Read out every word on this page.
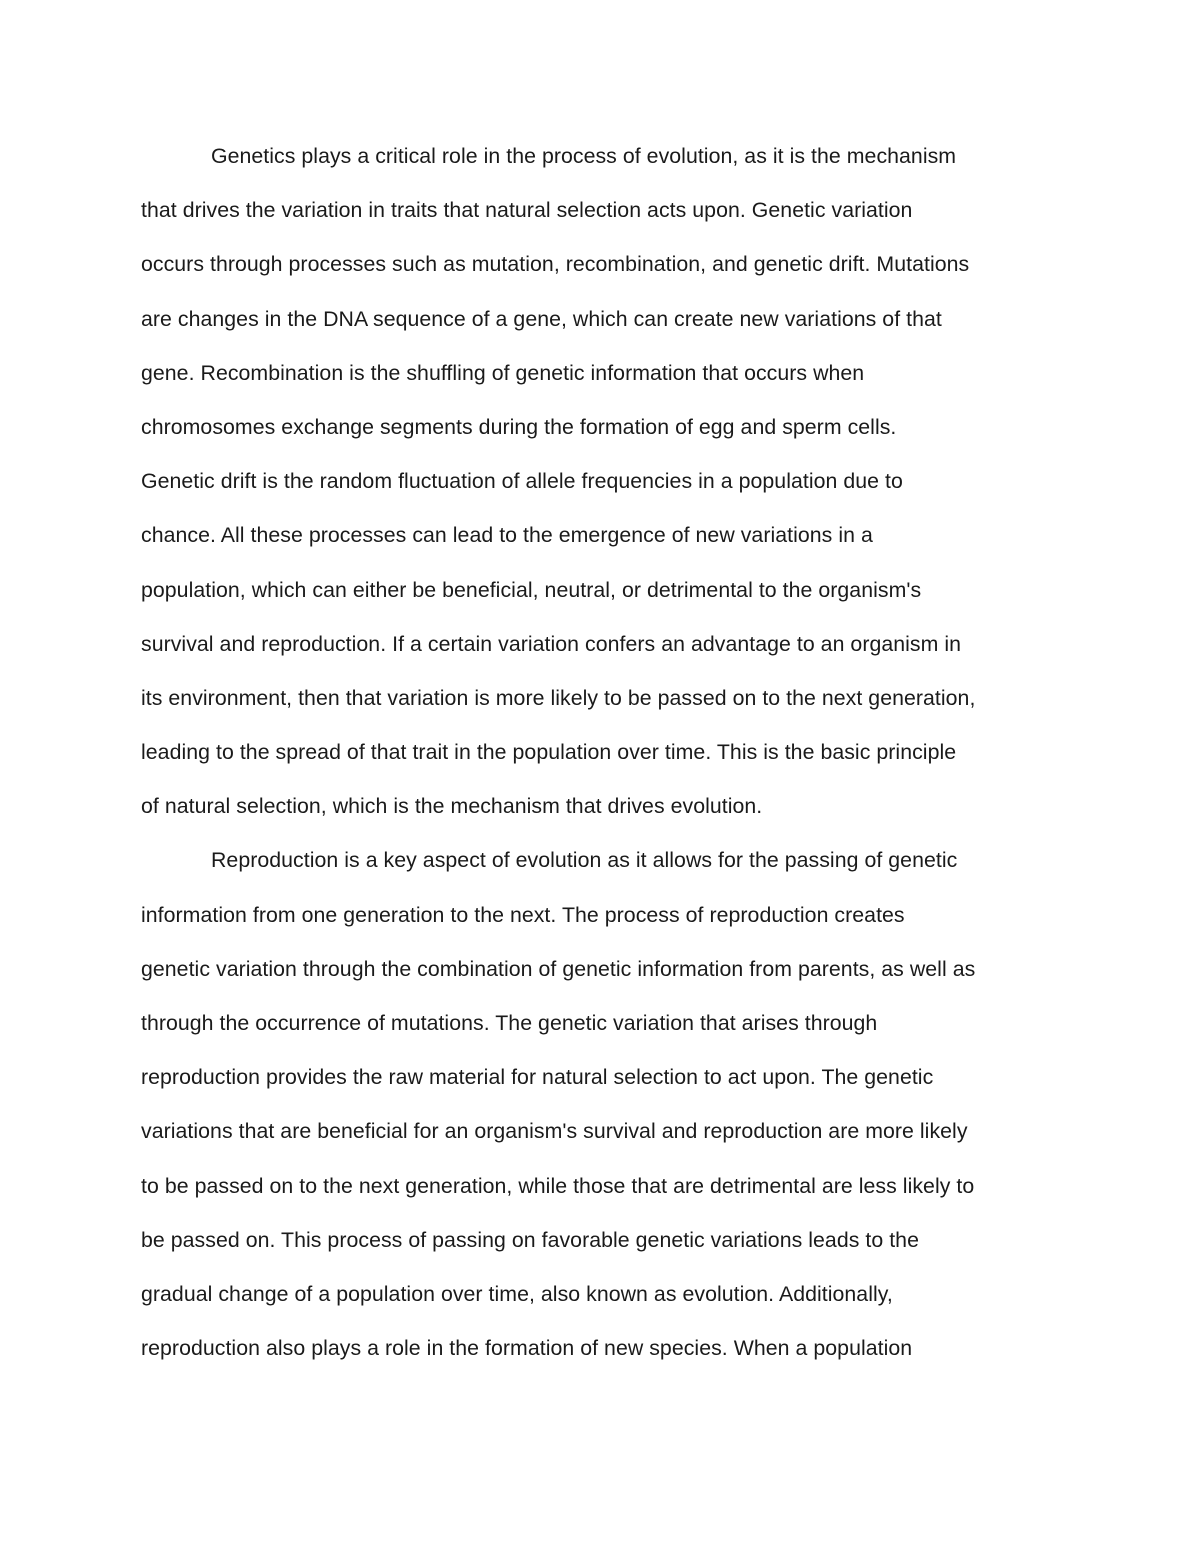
Genetics plays a critical role in the process of evolution, as it is the mechanism
that drives the variation in traits that natural selection acts upon. Genetic variation
occurs through processes such as mutation, recombination, and genetic drift. Mutations
are changes in the DNA sequence of a gene, which can create new variations of that
gene. Recombination is the shuffling of genetic information that occurs when
chromosomes exchange segments during the formation of egg and sperm cells.
Genetic drift is the random fluctuation of allele frequencies in a population due to
chance. All these processes can lead to the emergence of new variations in a
population, which can either be beneficial, neutral, or detrimental to the organism's
survival and reproduction. If a certain variation confers an advantage to an organism in
its environment, then that variation is more likely to be passed on to the next generation,
leading to the spread of that trait in the population over time. This is the basic principle
of natural selection, which is the mechanism that drives evolution.
Reproduction is a key aspect of evolution as it allows for the passing of genetic
information from one generation to the next. The process of reproduction creates
genetic variation through the combination of genetic information from parents, as well as
through the occurrence of mutations. The genetic variation that arises through
reproduction provides the raw material for natural selection to act upon. The genetic
variations that are beneficial for an organism's survival and reproduction are more likely
to be passed on to the next generation, while those that are detrimental are less likely to
be passed on. This process of passing on favorable genetic variations leads to the
gradual change of a population over time, also known as evolution. Additionally,
reproduction also plays a role in the formation of new species. When a population
